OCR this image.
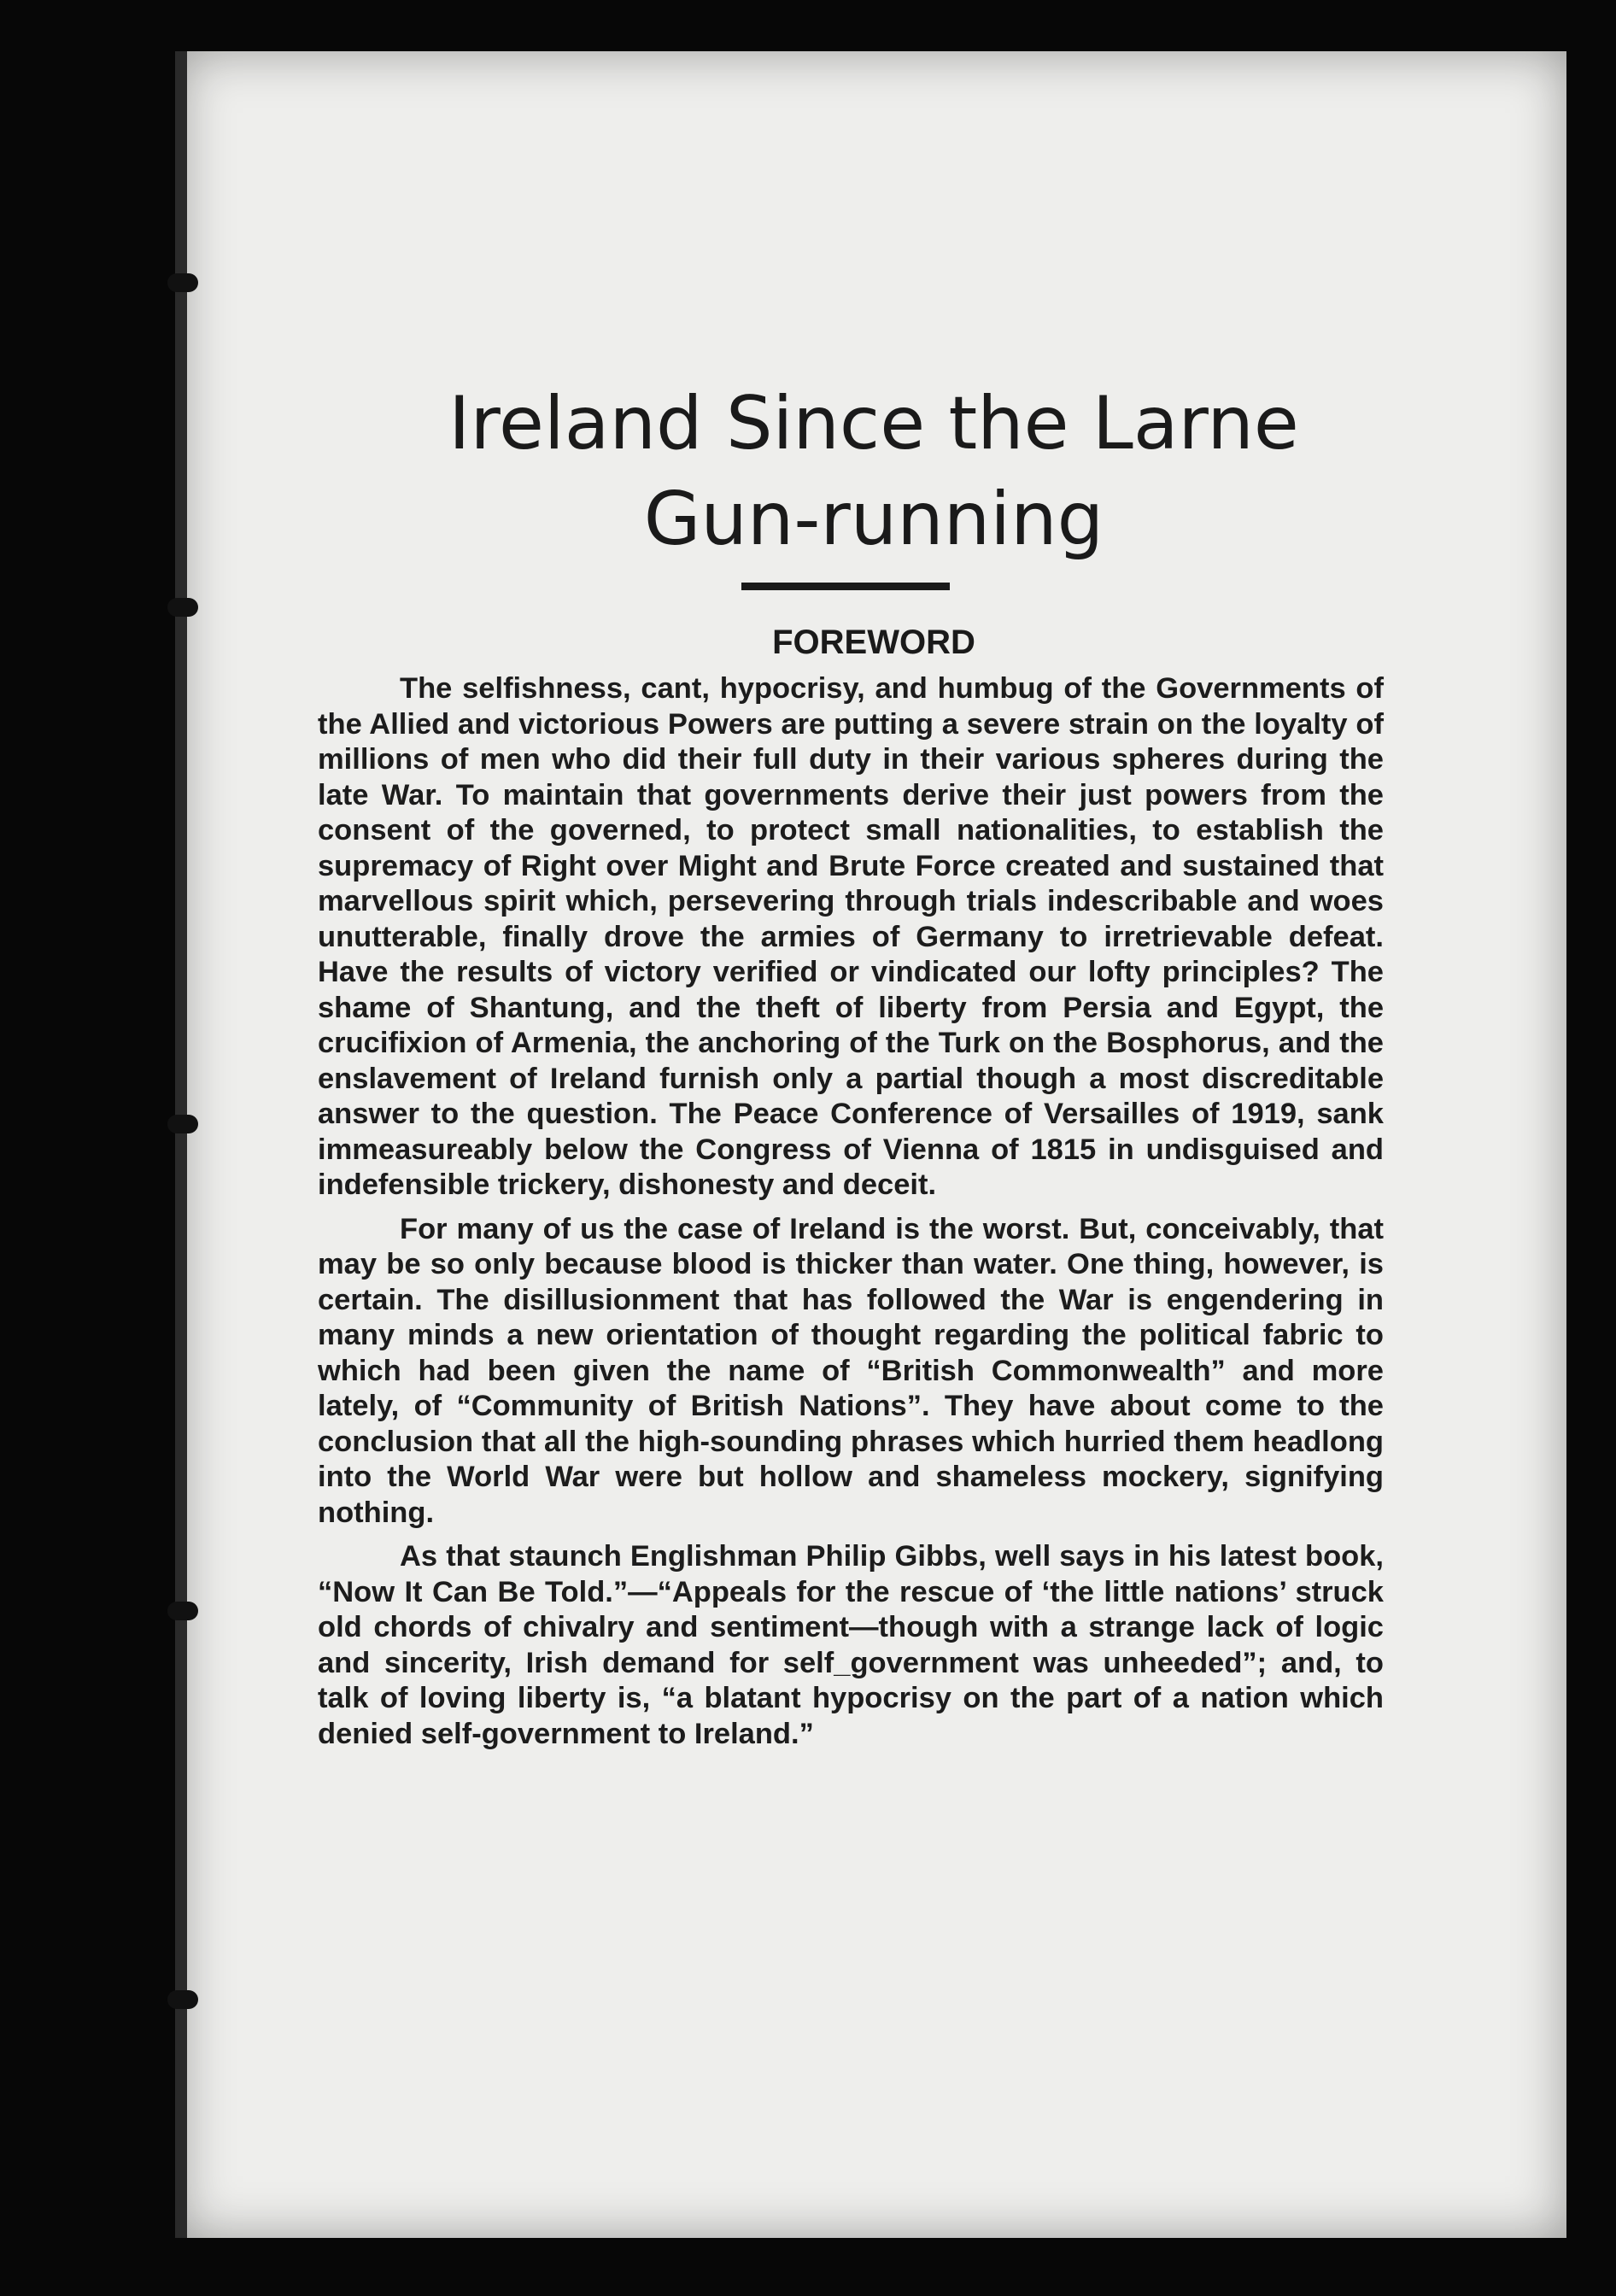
Ireland Since the Larne
Gun-running
FOREWORD

The selfishness, cant, hypocrisy, and humbug of the Governments of the Allied and victorious Powers are putting a severe strain on the loyalty of millions of men who did their full duty in their various spheres during the late War. To maintain that governments derive their just powers from the consent of the governed, to protect small nationalities, to establish the supremacy of Right over Might and Brute Force created and sustained that marvellous spirit which, persevering through trials indescribable and woes unutterable, finally drove the armies of Germany to irretrievable defeat. Have the results of victory verified or vindicated our lofty principles? The shame of Shantung, and the theft of liberty from Persia and Egypt, the crucifixion of Armenia, the anchoring of the Turk on the Bosphorus, and the enslavement of Ireland furnish only a partial though a most discreditable answer to the question. The Peace Conference of Versailles of 1919, sank immeasureably below the Congress of Vienna of 1815 in undisguised and indefensible trickery, dishonesty and deceit.

For many of us the case of Ireland is the worst. But, conceivably, that may be so only because blood is thicker than water. One thing, however, is certain. The disillusionment that has followed the War is engendering in many minds a new orientation of thought regarding the political fabric to which had been given the name of “British Commonwealth” and more lately, of “Community of British Nations”. They have about come to the conclusion that all the high-sounding phrases which hurried them headlong into the World War were but hollow and shameless mockery, signifying nothing.

As that staunch Englishman Philip Gibbs, well says in his latest book, “Now It Can Be Told.”—“Appeals for the rescue of ‘the little nations’ struck old chords of chivalry and sentiment—though with a strange lack of logic and sincerity, Irish demand for self_government was unheeded”; and, to talk of loving liberty is, “a blatant hypocrisy on the part of a nation which denied self-government to Ireland.”
